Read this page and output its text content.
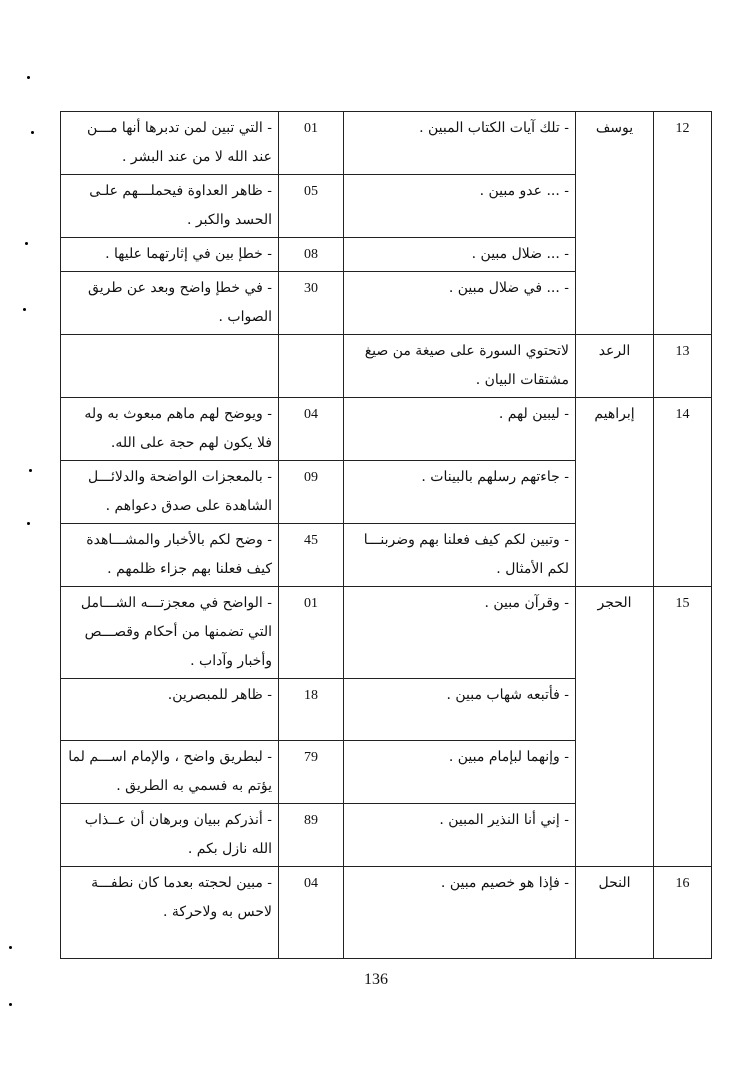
12	يوسف	- تلك آيات الكتاب المبين .	01	- التي تبين لمن تدبرها أنها مـــن عند الله لا من عند البشر .
		- ... عدو مبين .	05	- ظاهر العداوة فيحملـــهم علـى الحسد والكبر .
		- ... ضلال مبين .	08	- خطإ بين في إثارتهما عليها .
		- ... في ضلال مبين .	30	- في خطإ واضح وبعد عن طريق الصواب .
13	الرعد	لاتحتوي السورة على صيغة من صيغ مشتقات البيان .		
14	إبراهيم	- ليبين لهم .	04	- ويوضح لهم ماهم مبعوث به وله فلا يكون لهم حجة على الله.
		- جاءتهم رسلهم بالبينات .	09	- بالمعجزات الواضحة والدلائـــل الشاهدة على صدق دعواهم .
		- وتبين لكم كيف فعلنا بهم وضربنـــا لكم الأمثال .	45	- وضح لكم بالأخبار والمشـــاهدة كيف فعلنا بهم جزاء ظلمهم .
15	الحجر	- وقرآن مبين .	01	- الواضح في معجزتـــه الشـــامل التي تضمنها من أحكام وقصـــص وأخبار وآداب .
		- فأتبعه شهاب مبين .	18	- ظاهر للمبصرين.
		- وإنهما لبإمام مبين .	79	- لبطريق واضح ، والإمام اســـم لما يؤتم به فسمي به الطريق .
		- إني أنا النذير المبين .	89	- أنذركم ببيان وبرهان أن عــذاب الله نازل بكم .
16	النحل	- فإذا هو خصيم مبين .	04	- مبين لحجته بعدما كان نطفـــة لاحس به ولاحركة .
136
